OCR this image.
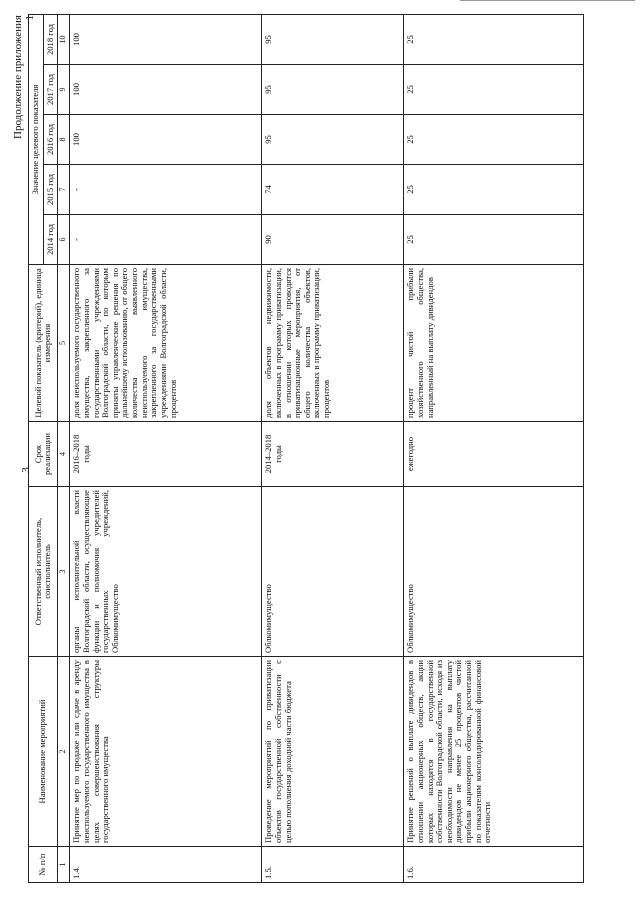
3
Продолжение приложения 1
№ п/п	Наименование мероприятий	Ответственный исполнитель, соисполнитель	Срок реализации	Целевой показатель (критерий), единица измерения	Значение целевого показателя				
					2014 год	2015 год	2016 год	2017 год	2018 год
1	2	3	4	5	6	7	8	9	10
1.4.	Принятие мер по продаже или сдаче в аренду неиспользуемого государственного имущества в целях совершенствования структуры государственного имущества	органы исполнительной власти Волгоградской области, осуществляющие функции и полномочия учредителей государственных учреждений, Облкомимущество	2016–2018 годы	доля неиспользуемого государственного имущества, закрепленного за государственными учреждениями Волгоградской области, по которым приняты управленческие решения по дальнейшему использованию, от общего количества выявленного неиспользуемого имущества, закрепленного за государственными учреждениями Волгоградской области, процентов	-	-	100	100	100
1.5.	Проведение мероприятий по приватизации объектов государственной собственности с целью пополнения доходной части бюджета	Облкомимущество	2014–2018 годы	доля объектов недвижимости, включенных в программу приватизации, в отношении которых проводятся приватизационные мероприятия, от общего количества объектов, включенных в программу приватизации, процентов	90	74	95	95	95
1.6.	Принятие решений о выплате дивидендов в отношении акционерных обществ, акции которых находятся в государственной собственности Волгоградской области, исходя из необходимости направления на выплату дивидендов не менее 25 процентов чистой прибыли акционерного общества, рассчитанной по показателям консолидированной финансовой отчетности	Облкомимущество	ежегодно	процент чистой прибыли хозяйственного общества, направленный на выплату дивидендов	25	25	25	25	25
